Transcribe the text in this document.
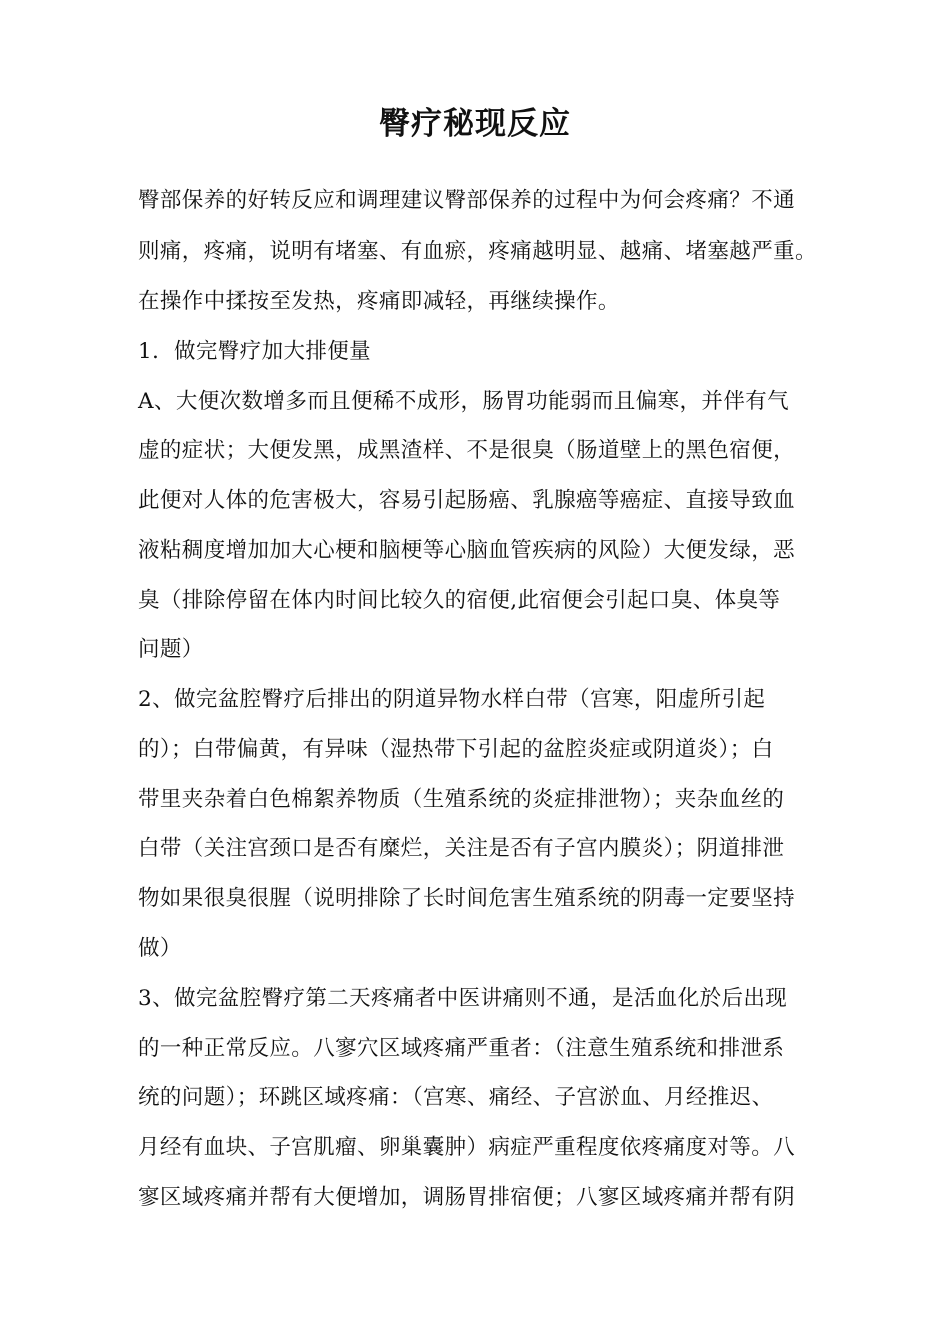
臀疗秘现反应
臀部保养的好转反应和调理建议臀部保养的过程中为何会疼痛？不通
则痛，疼痛，说明有堵塞、有血瘀，疼痛越明显、越痛、堵塞越严重。
在操作中揉按至发热，疼痛即减轻，再继续操作。
1．做完臀疗加大排便量
A、大便次数增多而且便稀不成形，肠胃功能弱而且偏寒，并伴有气
虚的症状；大便发黑，成黑渣样、不是很臭（肠道壁上的黑色宿便，
此便对人体的危害极大，容易引起肠癌、乳腺癌等癌症、直接导致血
液粘稠度增加加大心梗和脑梗等心脑血管疾病的风险）大便发绿，恶
臭（排除停留在体内时间比较久的宿便,此宿便会引起口臭、体臭等
问题）
2、做完盆腔臀疗后排出的阴道异物水样白带（宫寒，阳虚所引起
的）；白带偏黄，有异味（湿热带下引起的盆腔炎症或阴道炎）；白
带里夹杂着白色棉絮养物质（生殖系统的炎症排泄物）；夹杂血丝的
白带（关注宫颈口是否有糜烂，关注是否有子宫内膜炎）；阴道排泄
物如果很臭很腥（说明排除了长时间危害生殖系统的阴毒一定要坚持
做）
3、做完盆腔臀疗第二天疼痛者中医讲痛则不通，是活血化於后出现
的一种正常反应。八寥穴区域疼痛严重者：（注意生殖系统和排泄系
统的问题）；环跳区域疼痛：（宫寒、痛经、子宫淤血、月经推迟、
月经有血块、子宫肌瘤、卵巢囊肿）病症严重程度依疼痛度对等。八
寥区域疼痛并帮有大便增加，调肠胃排宿便；八寥区域疼痛并帮有阴
